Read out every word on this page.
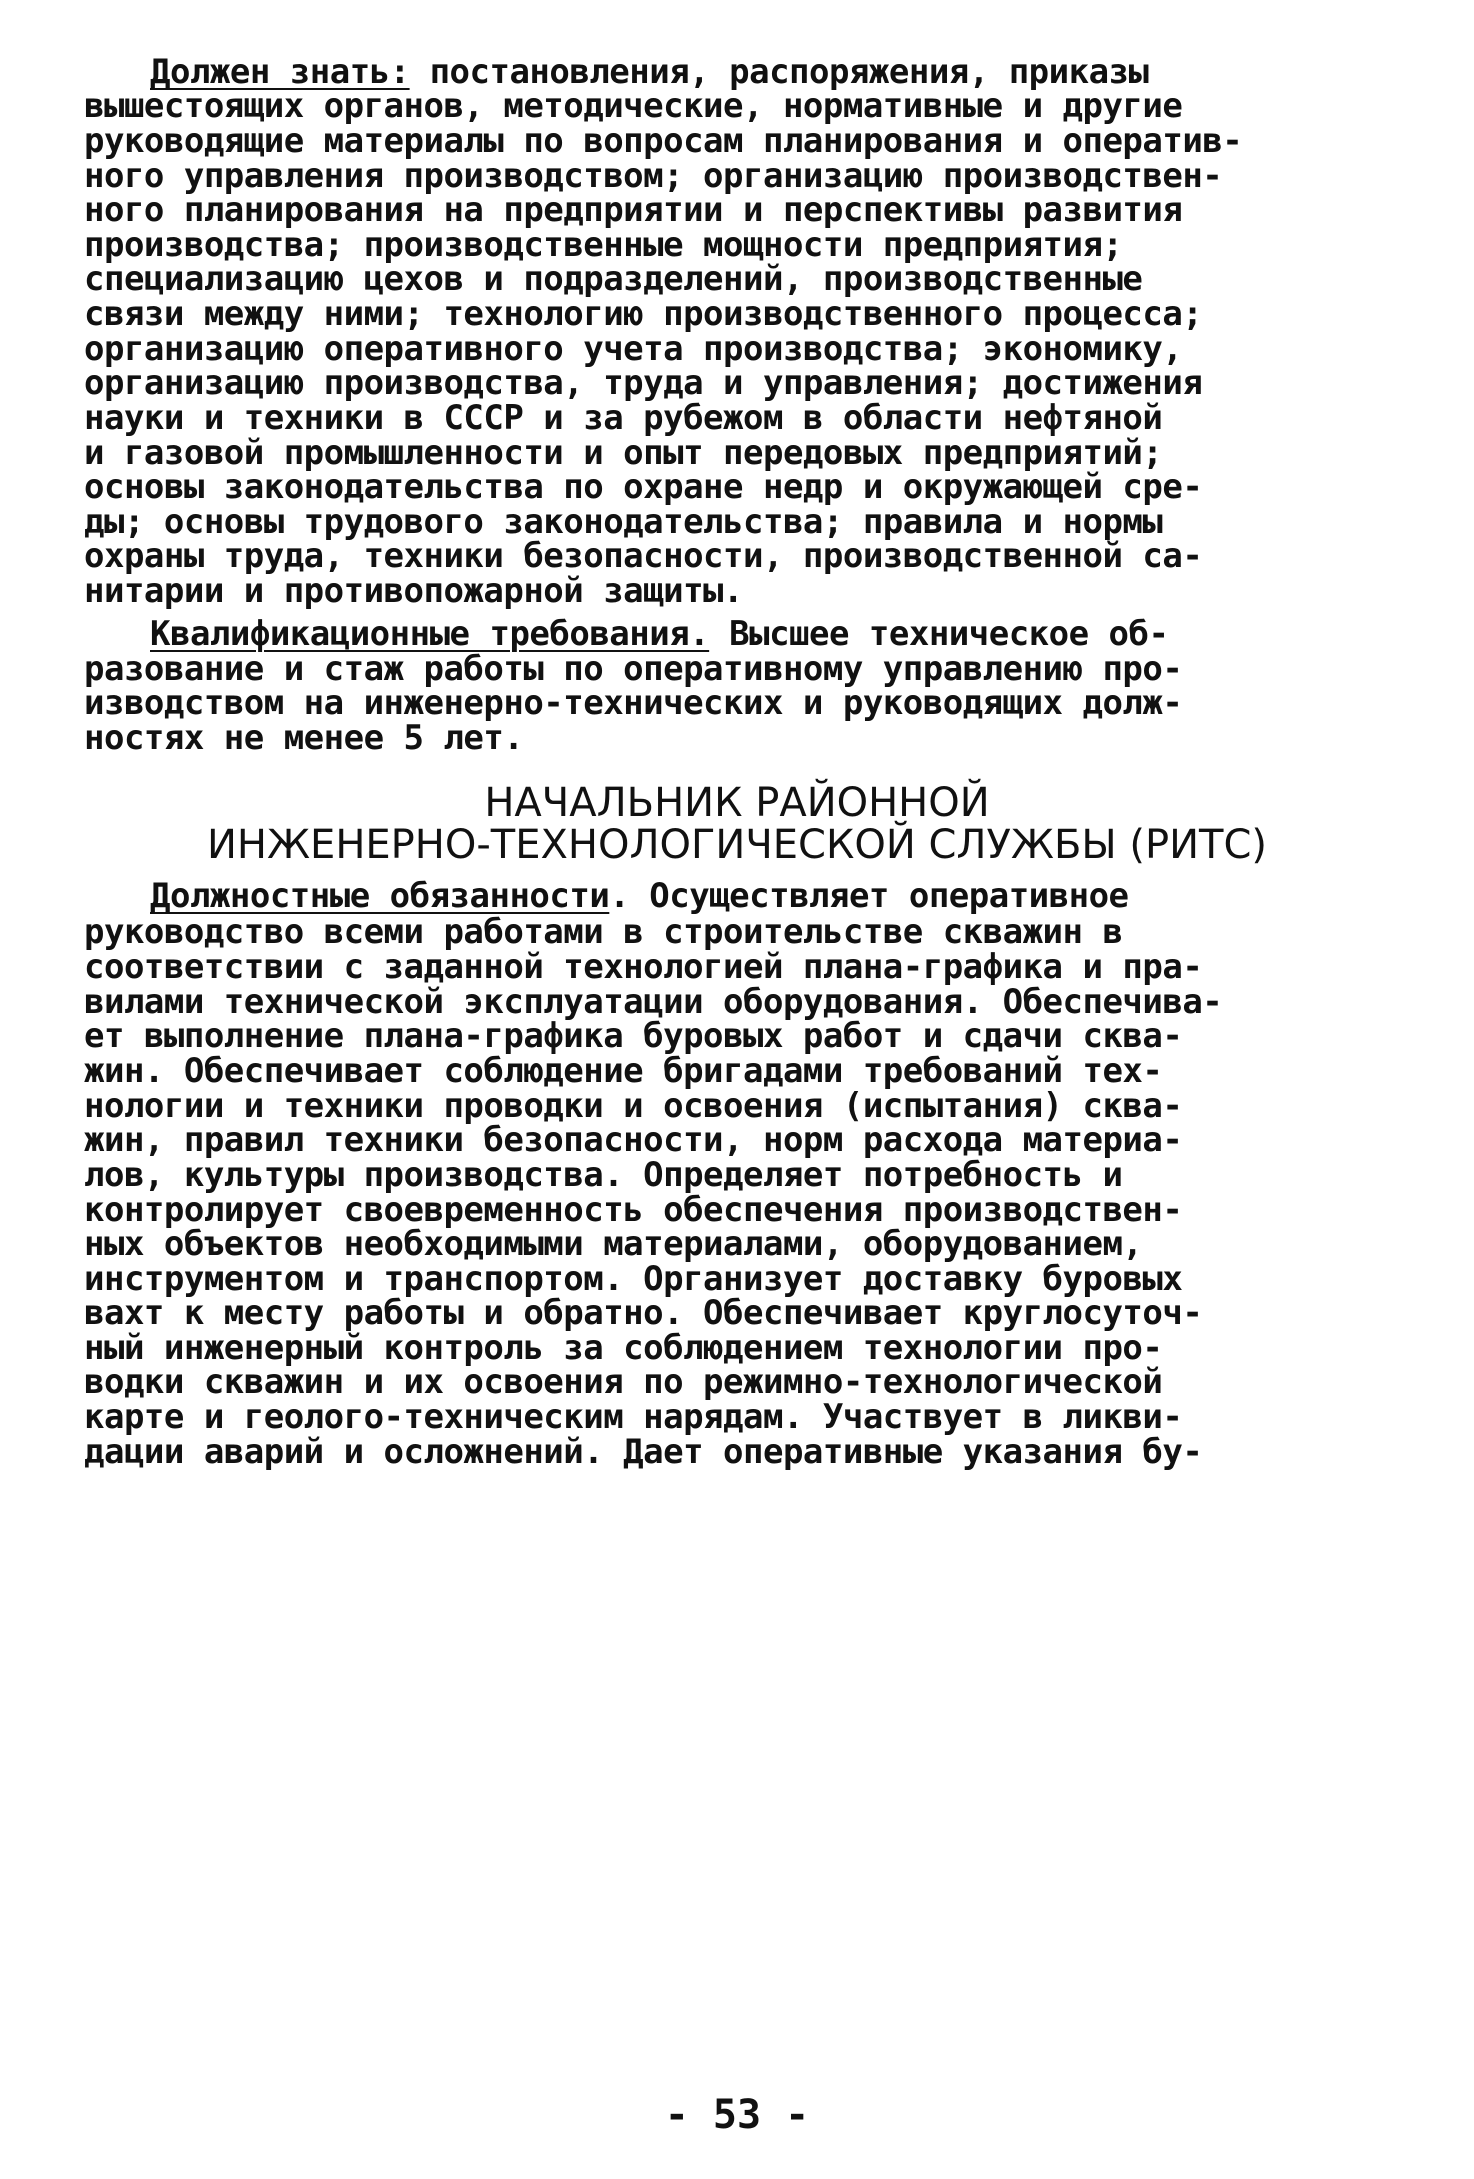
Должен знать: постановления, распоряжения, приказы
вышестоящих органов, методические, нормативные и другие
руководящие материалы по вопросам планирования и оператив-
ного управления производством; организацию производствен-
ного планирования на предприятии и перспективы развития
производства; производственные мощности предприятия;
специализацию цехов и подразделений, производственные
связи между ними; технологию производственного процесса;
организацию оперативного учета производства; экономику,
организацию производства, труда и управления; достижения
науки и техники в СССР и за рубежом в области нефтяной
и газовой промышленности и опыт передовых предприятий;
основы законодательства по охране недр и окружающей сре-
ды; основы трудового законодательства; правила и нормы
охраны труда, техники безопасности, производственной са-
нитарии и противопожарной защиты.
Квалификационные требования. Высшее техническое об-
разование и стаж работы по оперативному управлению про-
изводством на инженерно-технических и руководящих долж-
ностях не менее 5 лет.
НАЧАЛЬНИК РАЙОННОЙ
ИНЖЕНЕРНО-ТЕХНОЛОГИЧЕСКОЙ СЛУЖБЫ (РИТС)
Должностные обязанности. Осуществляет оперативное
руководство всеми работами в строительстве скважин в
соответствии с заданной технологией плана-графика и пра-
вилами технической эксплуатации оборудования. Обеспечива-
ет выполнение плана-графика буровых работ и сдачи сква-
жин. Обеспечивает соблюдение бригадами требований тех-
нологии и техники проводки и освоения (испытания) сква-
жин, правил техники безопасности, норм расхода материа-
лов, культуры производства. Определяет потребность и
контролирует своевременность обеспечения производствен-
ных объектов необходимыми материалами, оборудованием,
инструментом и транспортом. Организует доставку буровых
вахт к месту работы и обратно. Обеспечивает круглосуточ-
ный инженерный контроль за соблюдением технологии про-
водки скважин и их освоения по режимно-технологической
карте и геолого-техническим нарядам. Участвует в ликви-
дации аварий и осложнений. Дает оперативные указания бу-
- 53 -
